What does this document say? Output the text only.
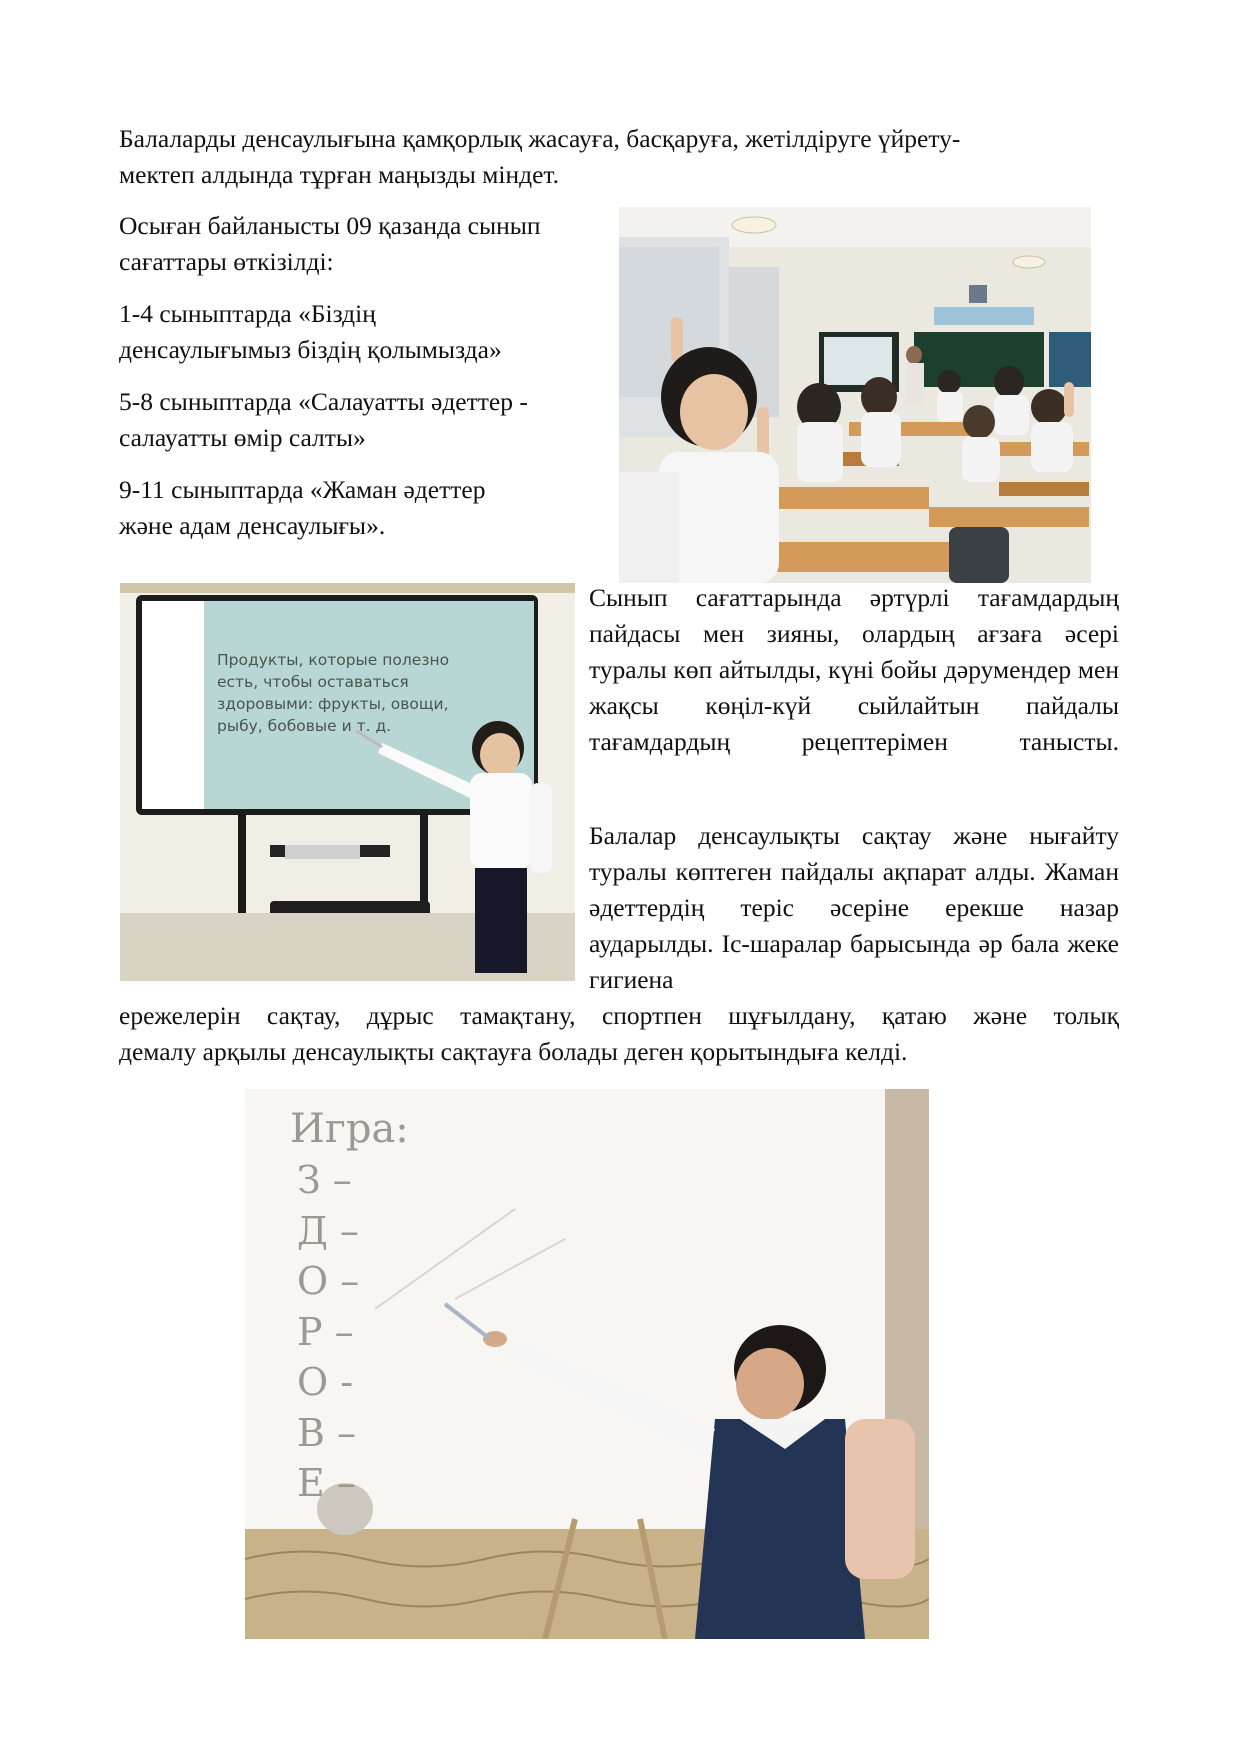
Балаларды денсаулығына қамқорлық жасауға, басқаруға, жетілдіруге үйрету-

мектеп алдында тұрған маңызды міндет.

Осыған байланысты 09 қазанда сынып

сағаттары өткізілді:

1-4 сыныптарда «Біздің

денсаулығымыз біздің қолымызда»

5-8 сыныптарда «Салауатты әдеттер -

салауатты өмір салты»

9-11 сыныптарда «Жаман әдеттер

және адам денсаулығы».

Продукты, которые полезно есть, чтобы оставаться здоровыми: фрукты, овощи, рыбу, бобовые и т. д.

Сынып сағаттарында әртүрлі тағамдардың пайдасы мен зияны, олардың ағзаға әсері туралы көп айтылды, күні бойы дәрумендер мен жақсы көңіл-күй сыйлайтын пайдалы тағамдардың рецептерімен танысты.

Балалар денсаулықты сақтау және нығайту туралы көптеген пайдалы ақпарат алды. Жаман әдеттердің теріс әсеріне ерекше назар аударылды. Іс-шаралар барысында әр бала жеке гигиена

ережелерін сақтау, дұрыс тамақтану, спортпен шұғылдану, қатаю және толық

демалу арқылы денсаулықты сақтауға болады деген қорытындыға келді.

Игра:
З –
Д –
О –
Р –
О -
В –
Е –
